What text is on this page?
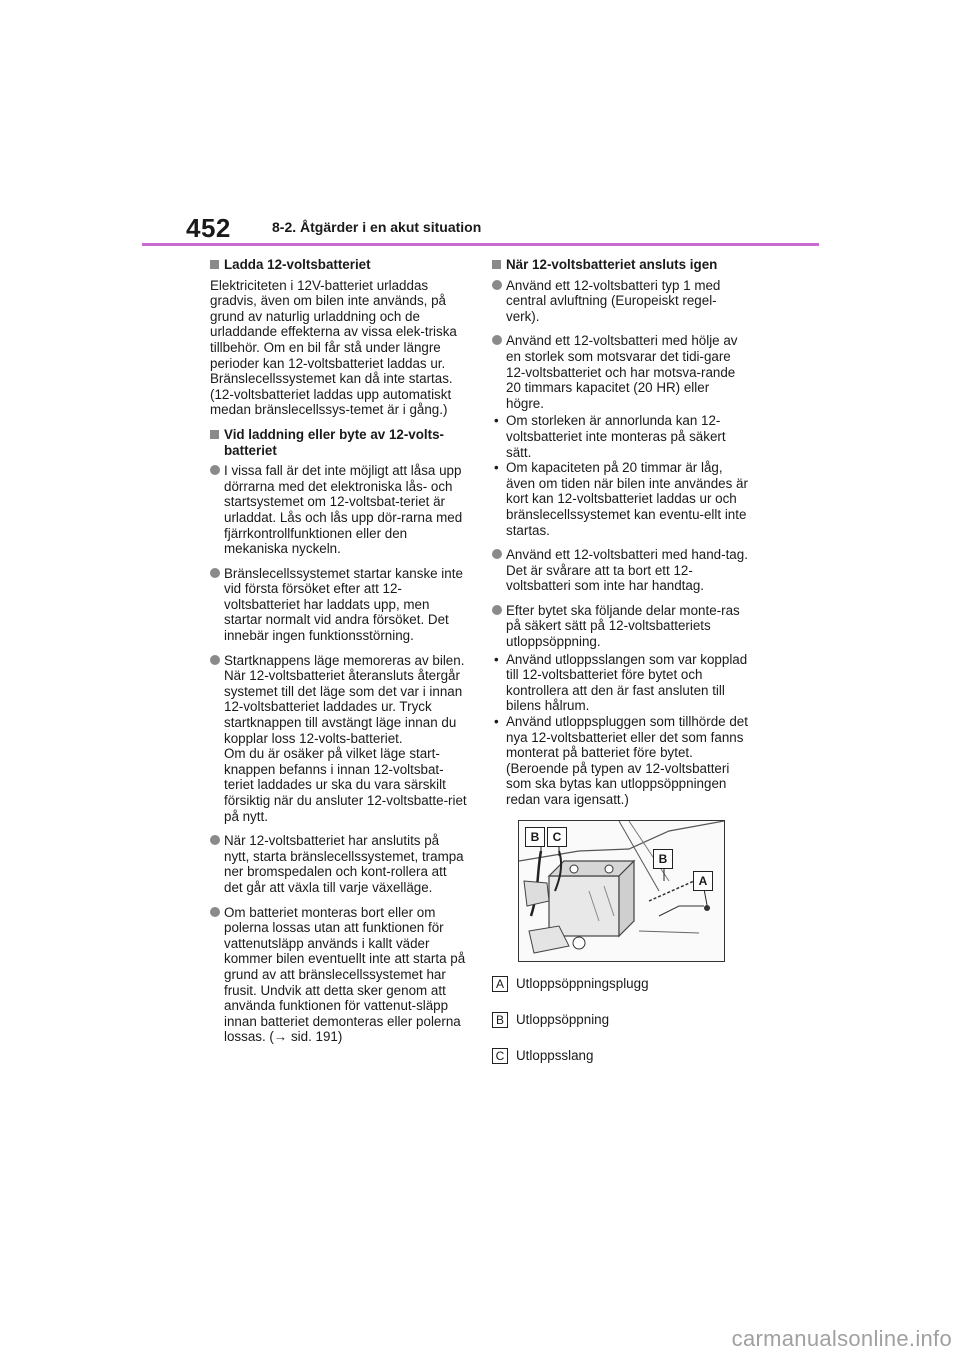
452	8-2. Åtgärder i en akut situation
Ladda 12-voltsbatteriet
Elektriciteten i 12V-batteriet urladdas gradvis, även om bilen inte används, på grund av naturlig urladdning och de urladdande effekterna av vissa elek-triska tillbehör. Om en bil får stå under längre perioder kan 12-voltsbatteriet laddas ur. Bränslecellssystemet kan då inte startas. (12-voltsbatteriet laddas upp automatiskt medan bränslecellssys-temet är i gång.)
Vid laddning eller byte av 12-volts-batteriet
I vissa fall är det inte möjligt att låsa upp dörrarna med det elektroniska lås- och startsystemet om 12-voltsbat-teriet är urladdat. Lås och lås upp dör-rarna med fjärrkontrollfunktionen eller den mekaniska nyckeln.
Bränslecellssystemet startar kanske inte vid första försöket efter att 12-voltsbatteriet har laddats upp, men startar normalt vid andra försöket. Det innebär ingen funktionsstörning.
Startknappens läge memoreras av bilen. När 12-voltsbatteriet återansluts återgår systemet till det läge som det var i innan 12-voltsbatteriet laddades ur. Tryck startknappen till avstängt läge innan du kopplar loss 12-volts-batteriet.
Om du är osäker på vilket läge start-knappen befanns i innan 12-voltsbat-teriet laddades ur ska du vara särskilt försiktig när du ansluter 12-voltsbatte-riet på nytt.
När 12-voltsbatteriet har anslutits på nytt, starta bränslecellssystemet, trampa ner bromspedalen och kont-rollera att det går att växla till varje växelläge.
Om batteriet monteras bort eller om polerna lossas utan att funktionen för vattenutsläpp används i kallt väder kommer bilen eventuellt inte att starta på grund av att bränslecellssystemet har frusit. Undvik att detta sker genom att använda funktionen för vattenut-släpp innan batteriet demonteras eller polerna lossas. (→ sid. 191)
När 12-voltsbatteriet ansluts igen
Använd ett 12-voltsbatteri typ 1 med central avluftning (Europeiskt regel-verk).
Använd ett 12-voltsbatteri med hölje av en storlek som motsvarar det tidi-gare 12-voltsbatteriet och har motsva-rande 20 timmars kapacitet (20 HR) eller högre.
• Om storleken är annorlunda kan 12-voltsbatteriet inte monteras på säkert sätt.
• Om kapaciteten på 20 timmar är låg, även om tiden när bilen inte användes är kort kan 12-voltsbatteriet laddas ur och bränslecellssystemet kan eventu-ellt inte startas.
Använd ett 12-voltsbatteri med hand-tag. Det är svårare att ta bort ett 12-voltsbatteri som inte har handtag.
Efter bytet ska följande delar monte-ras på säkert sätt på 12-voltsbatteriets utloppsöppning.
• Använd utloppsslangen som var kopplad till 12-voltsbatteriet före bytet och kontrollera att den är fast ansluten till bilens hålrum.
• Använd utloppspluggen som tillhörde det nya 12-voltsbatteriet eller det som fanns monterat på batteriet före bytet. (Beroende på typen av 12-voltsbatteri som ska bytas kan utloppsöppningen redan vara igensatt.)
B	C
B
A
A Utloppsöppningsplugg
B Utloppsöppning
C Utloppsslang
carmanualsonline.info
